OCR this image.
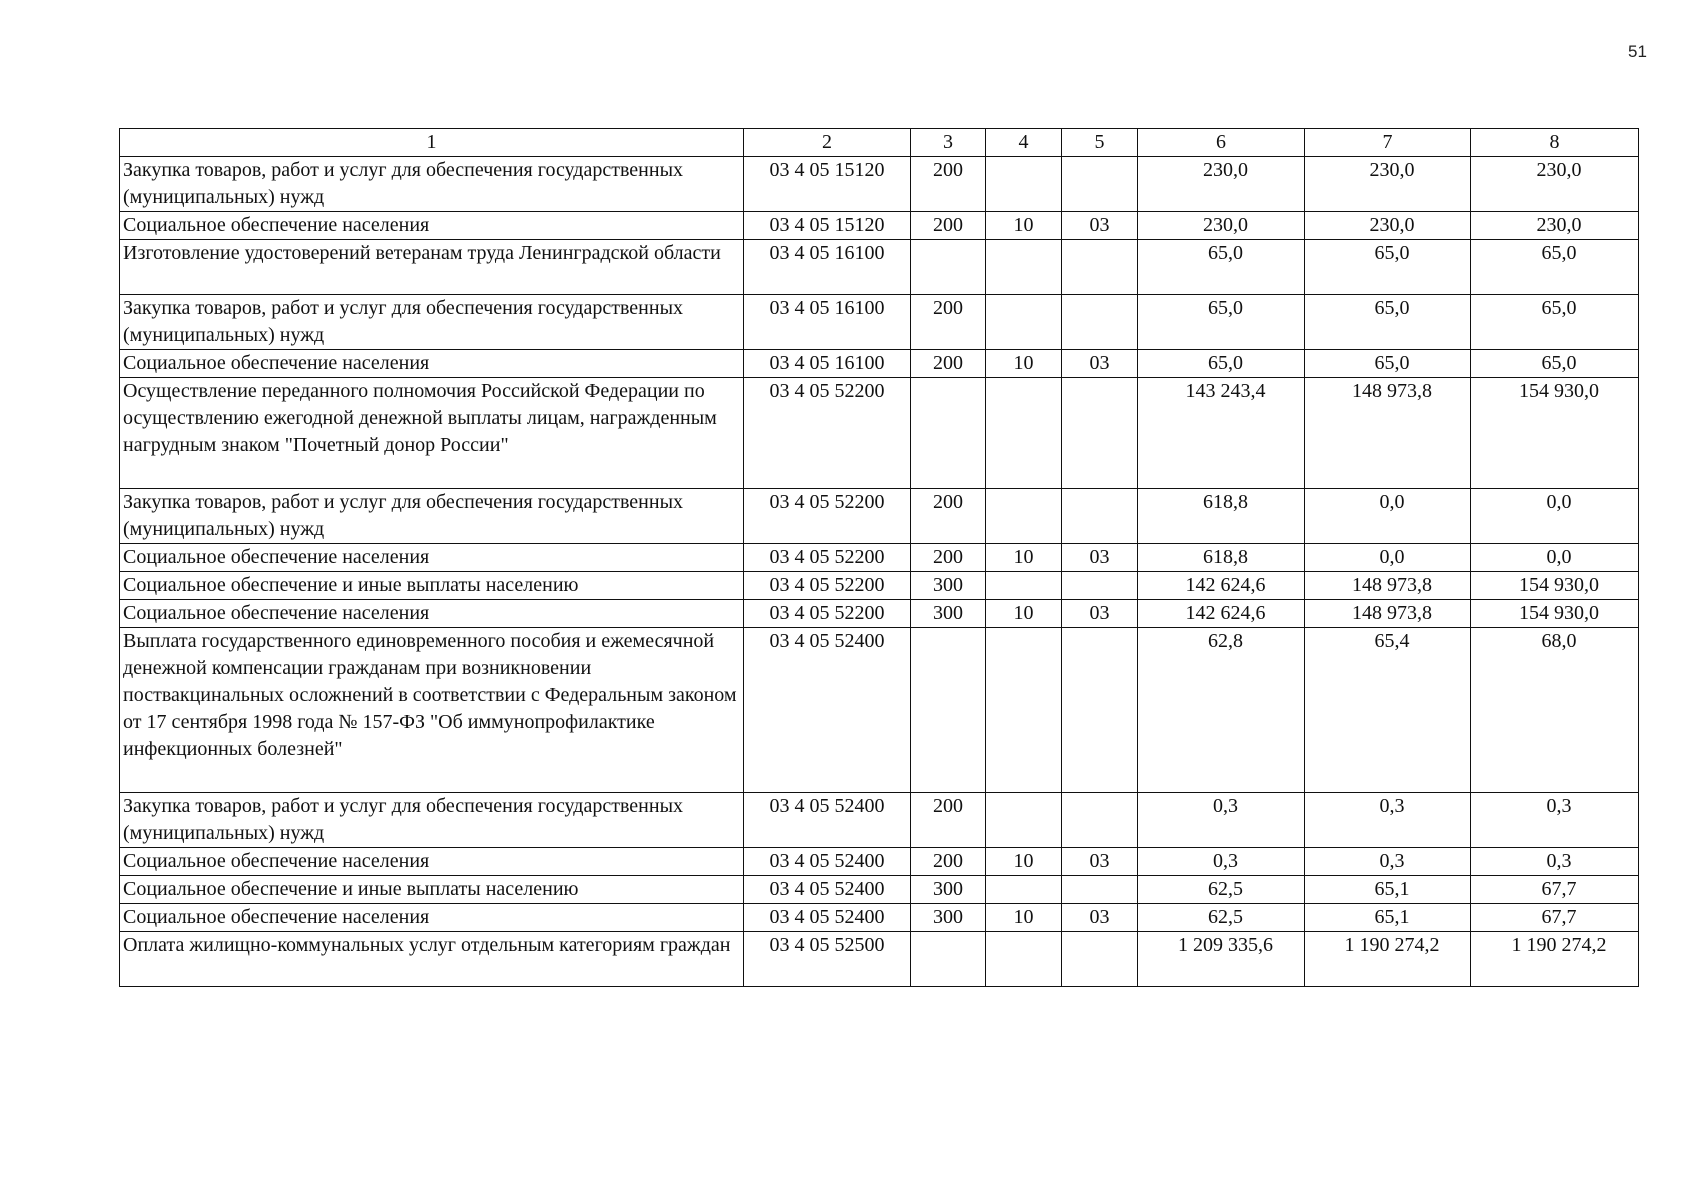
51
1	2	3	4	5	6	7	8
Закупка товаров, работ и услуг для обеспечения государственных (муниципальных) нужд	03 4 05 15120	200			230,0	230,0	230,0
Социальное обеспечение населения	03 4 05 15120	200	10	03	230,0	230,0	230,0
Изготовление удостоверений ветеранам труда Ленинградской области	03 4 05 16100				65,0	65,0	65,0
Закупка товаров, работ и услуг для обеспечения государственных (муниципальных) нужд	03 4 05 16100	200			65,0	65,0	65,0
Социальное обеспечение населения	03 4 05 16100	200	10	03	65,0	65,0	65,0
Осуществление переданного полномочия Российской Федерации по осуществлению ежегодной денежной выплаты лицам, награжденным нагрудным знаком "Почетный донор России"	03 4 05 52200				143 243,4	148 973,8	154 930,0
Закупка товаров, работ и услуг для обеспечения государственных (муниципальных) нужд	03 4 05 52200	200			618,8	0,0	0,0
Социальное обеспечение населения	03 4 05 52200	200	10	03	618,8	0,0	0,0
Социальное обеспечение и иные выплаты населению	03 4 05 52200	300			142 624,6	148 973,8	154 930,0
Социальное обеспечение населения	03 4 05 52200	300	10	03	142 624,6	148 973,8	154 930,0
Выплата государственного единовременного пособия и ежемесячной денежной компенсации гражданам при возникновении поствакцинальных осложнений в соответствии с Федеральным законом от 17 сентября 1998 года № 157-ФЗ "Об иммунопрофилактике инфекционных болезней"	03 4 05 52400				62,8	65,4	68,0
Закупка товаров, работ и услуг для обеспечения государственных (муниципальных) нужд	03 4 05 52400	200			0,3	0,3	0,3
Социальное обеспечение населения	03 4 05 52400	200	10	03	0,3	0,3	0,3
Социальное обеспечение и иные выплаты населению	03 4 05 52400	300			62,5	65,1	67,7
Социальное обеспечение населения	03 4 05 52400	300	10	03	62,5	65,1	67,7
Оплата жилищно-коммунальных услуг отдельным категориям граждан	03 4 05 52500				1 209 335,6	1 190 274,2	1 190 274,2
